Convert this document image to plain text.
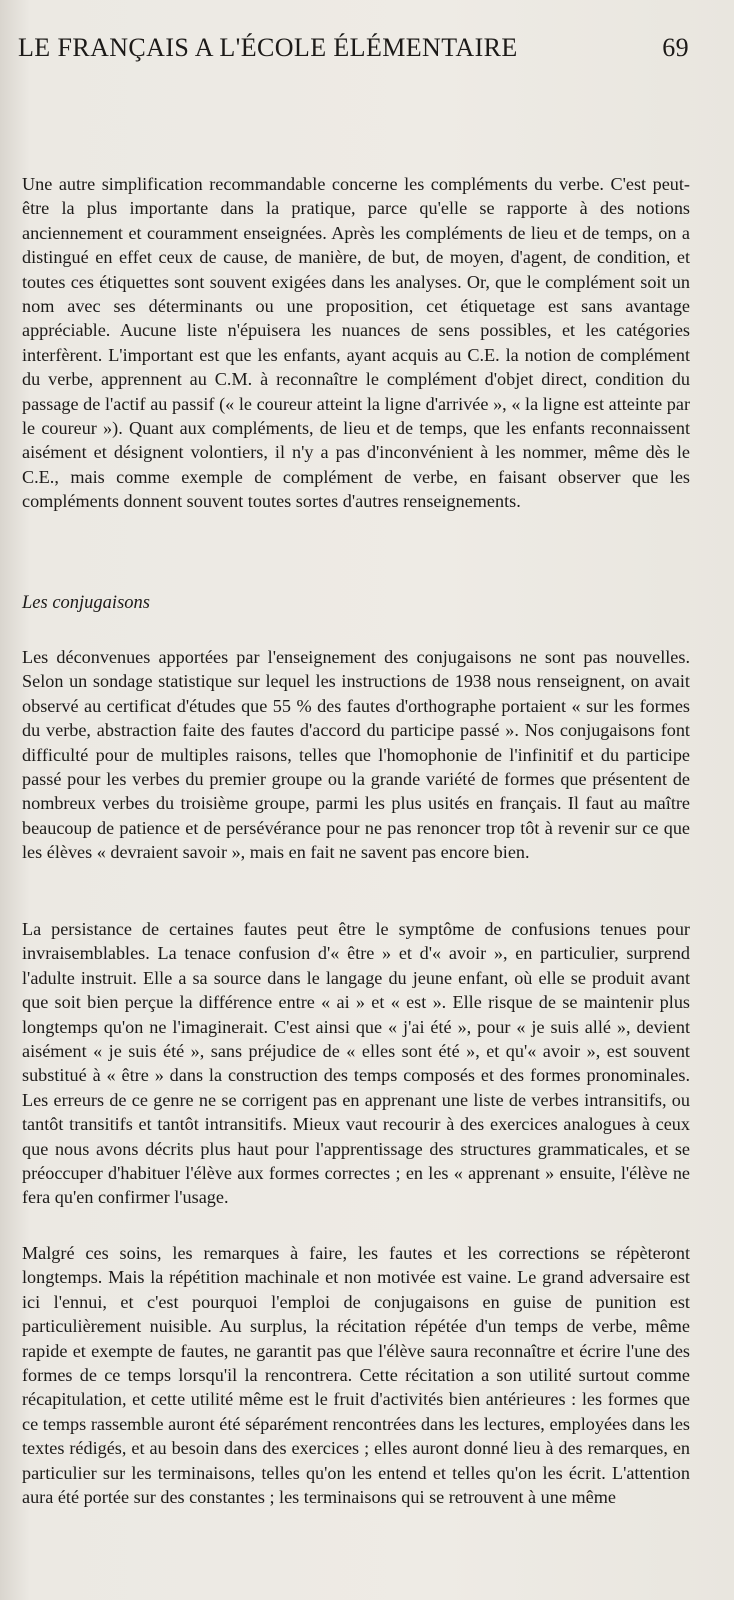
LE FRANÇAIS A L'ÉCOLE ÉLÉMENTAIRE	69

Une autre simplification recommandable concerne les compléments du verbe. C'est peut-être la plus importante dans la pratique, parce qu'elle se rapporte à des notions anciennement et couramment enseignées. Après les compléments de lieu et de temps, on a distingué en effet ceux de cause, de manière, de but, de moyen, d'agent, de condition, et toutes ces étiquettes sont souvent exigées dans les analyses. Or, que le complément soit un nom avec ses déterminants ou une proposition, cet étiquetage est sans avantage appréciable. Aucune liste n'épuisera les nuances de sens possibles, et les catégories interfèrent. L'important est que les enfants, ayant acquis au C.E. la notion de complément du verbe, apprennent au C.M. à reconnaître le complément d'objet direct, condition du passage de l'actif au passif (« le coureur atteint la ligne d'arrivée », « la ligne est atteinte par le coureur »). Quant aux compléments, de lieu et de temps, que les enfants reconnaissent aisément et désignent volontiers, il n'y a pas d'inconvénient à les nommer, même dès le C.E., mais comme exemple de complément de verbe, en faisant observer que les compléments donnent souvent toutes sortes d'autres renseignements.

Les conjugaisons

Les déconvenues apportées par l'enseignement des conjugaisons ne sont pas nouvelles. Selon un sondage statistique sur lequel les instructions de 1938 nous renseignent, on avait observé au certificat d'études que 55 % des fautes d'orthographe portaient « sur les formes du verbe, abstraction faite des fautes d'accord du participe passé ». Nos conjugaisons font difficulté pour de multiples raisons, telles que l'homophonie de l'infinitif et du participe passé pour les verbes du premier groupe ou la grande variété de formes que présentent de nombreux verbes du troisième groupe, parmi les plus usités en français. Il faut au maître beaucoup de patience et de persévérance pour ne pas renoncer trop tôt à revenir sur ce que les élèves « devraient savoir », mais en fait ne savent pas encore bien.

La persistance de certaines fautes peut être le symptôme de confusions tenues pour invraisemblables. La tenace confusion d'« être » et d'« avoir », en particulier, surprend l'adulte instruit. Elle a sa source dans le langage du jeune enfant, où elle se produit avant que soit bien perçue la différence entre « ai » et « est ». Elle risque de se maintenir plus longtemps qu'on ne l'imaginerait. C'est ainsi que « j'ai été », pour « je suis allé », devient aisément « je suis été », sans préjudice de « elles sont été », et qu'« avoir », est souvent substitué à « être » dans la construction des temps composés et des formes pronominales. Les erreurs de ce genre ne se corrigent pas en apprenant une liste de verbes intransitifs, ou tantôt transitifs et tantôt intransitifs. Mieux vaut recourir à des exercices analogues à ceux que nous avons décrits plus haut pour l'apprentissage des structures grammaticales, et se préoccuper d'habituer l'élève aux formes correctes ; en les « apprenant » ensuite, l'élève ne fera qu'en confirmer l'usage.

Malgré ces soins, les remarques à faire, les fautes et les corrections se répèteront longtemps. Mais la répétition machinale et non motivée est vaine. Le grand adversaire est ici l'ennui, et c'est pourquoi l'emploi de conjugaisons en guise de punition est particulièrement nuisible. Au surplus, la récitation répétée d'un temps de verbe, même rapide et exempte de fautes, ne garantit pas que l'élève saura reconnaître et écrire l'une des formes de ce temps lorsqu'il la rencontrera. Cette récitation a son utilité surtout comme récapitulation, et cette utilité même est le fruit d'activités bien antérieures : les formes que ce temps rassemble auront été séparément rencontrées dans les lectures, employées dans les textes rédigés, et au besoin dans des exercices ; elles auront donné lieu à des remarques, en particulier sur les terminaisons, telles qu'on les entend et telles qu'on les écrit. L'attention aura été portée sur des constantes ; les terminaisons qui se retrouvent à une même
